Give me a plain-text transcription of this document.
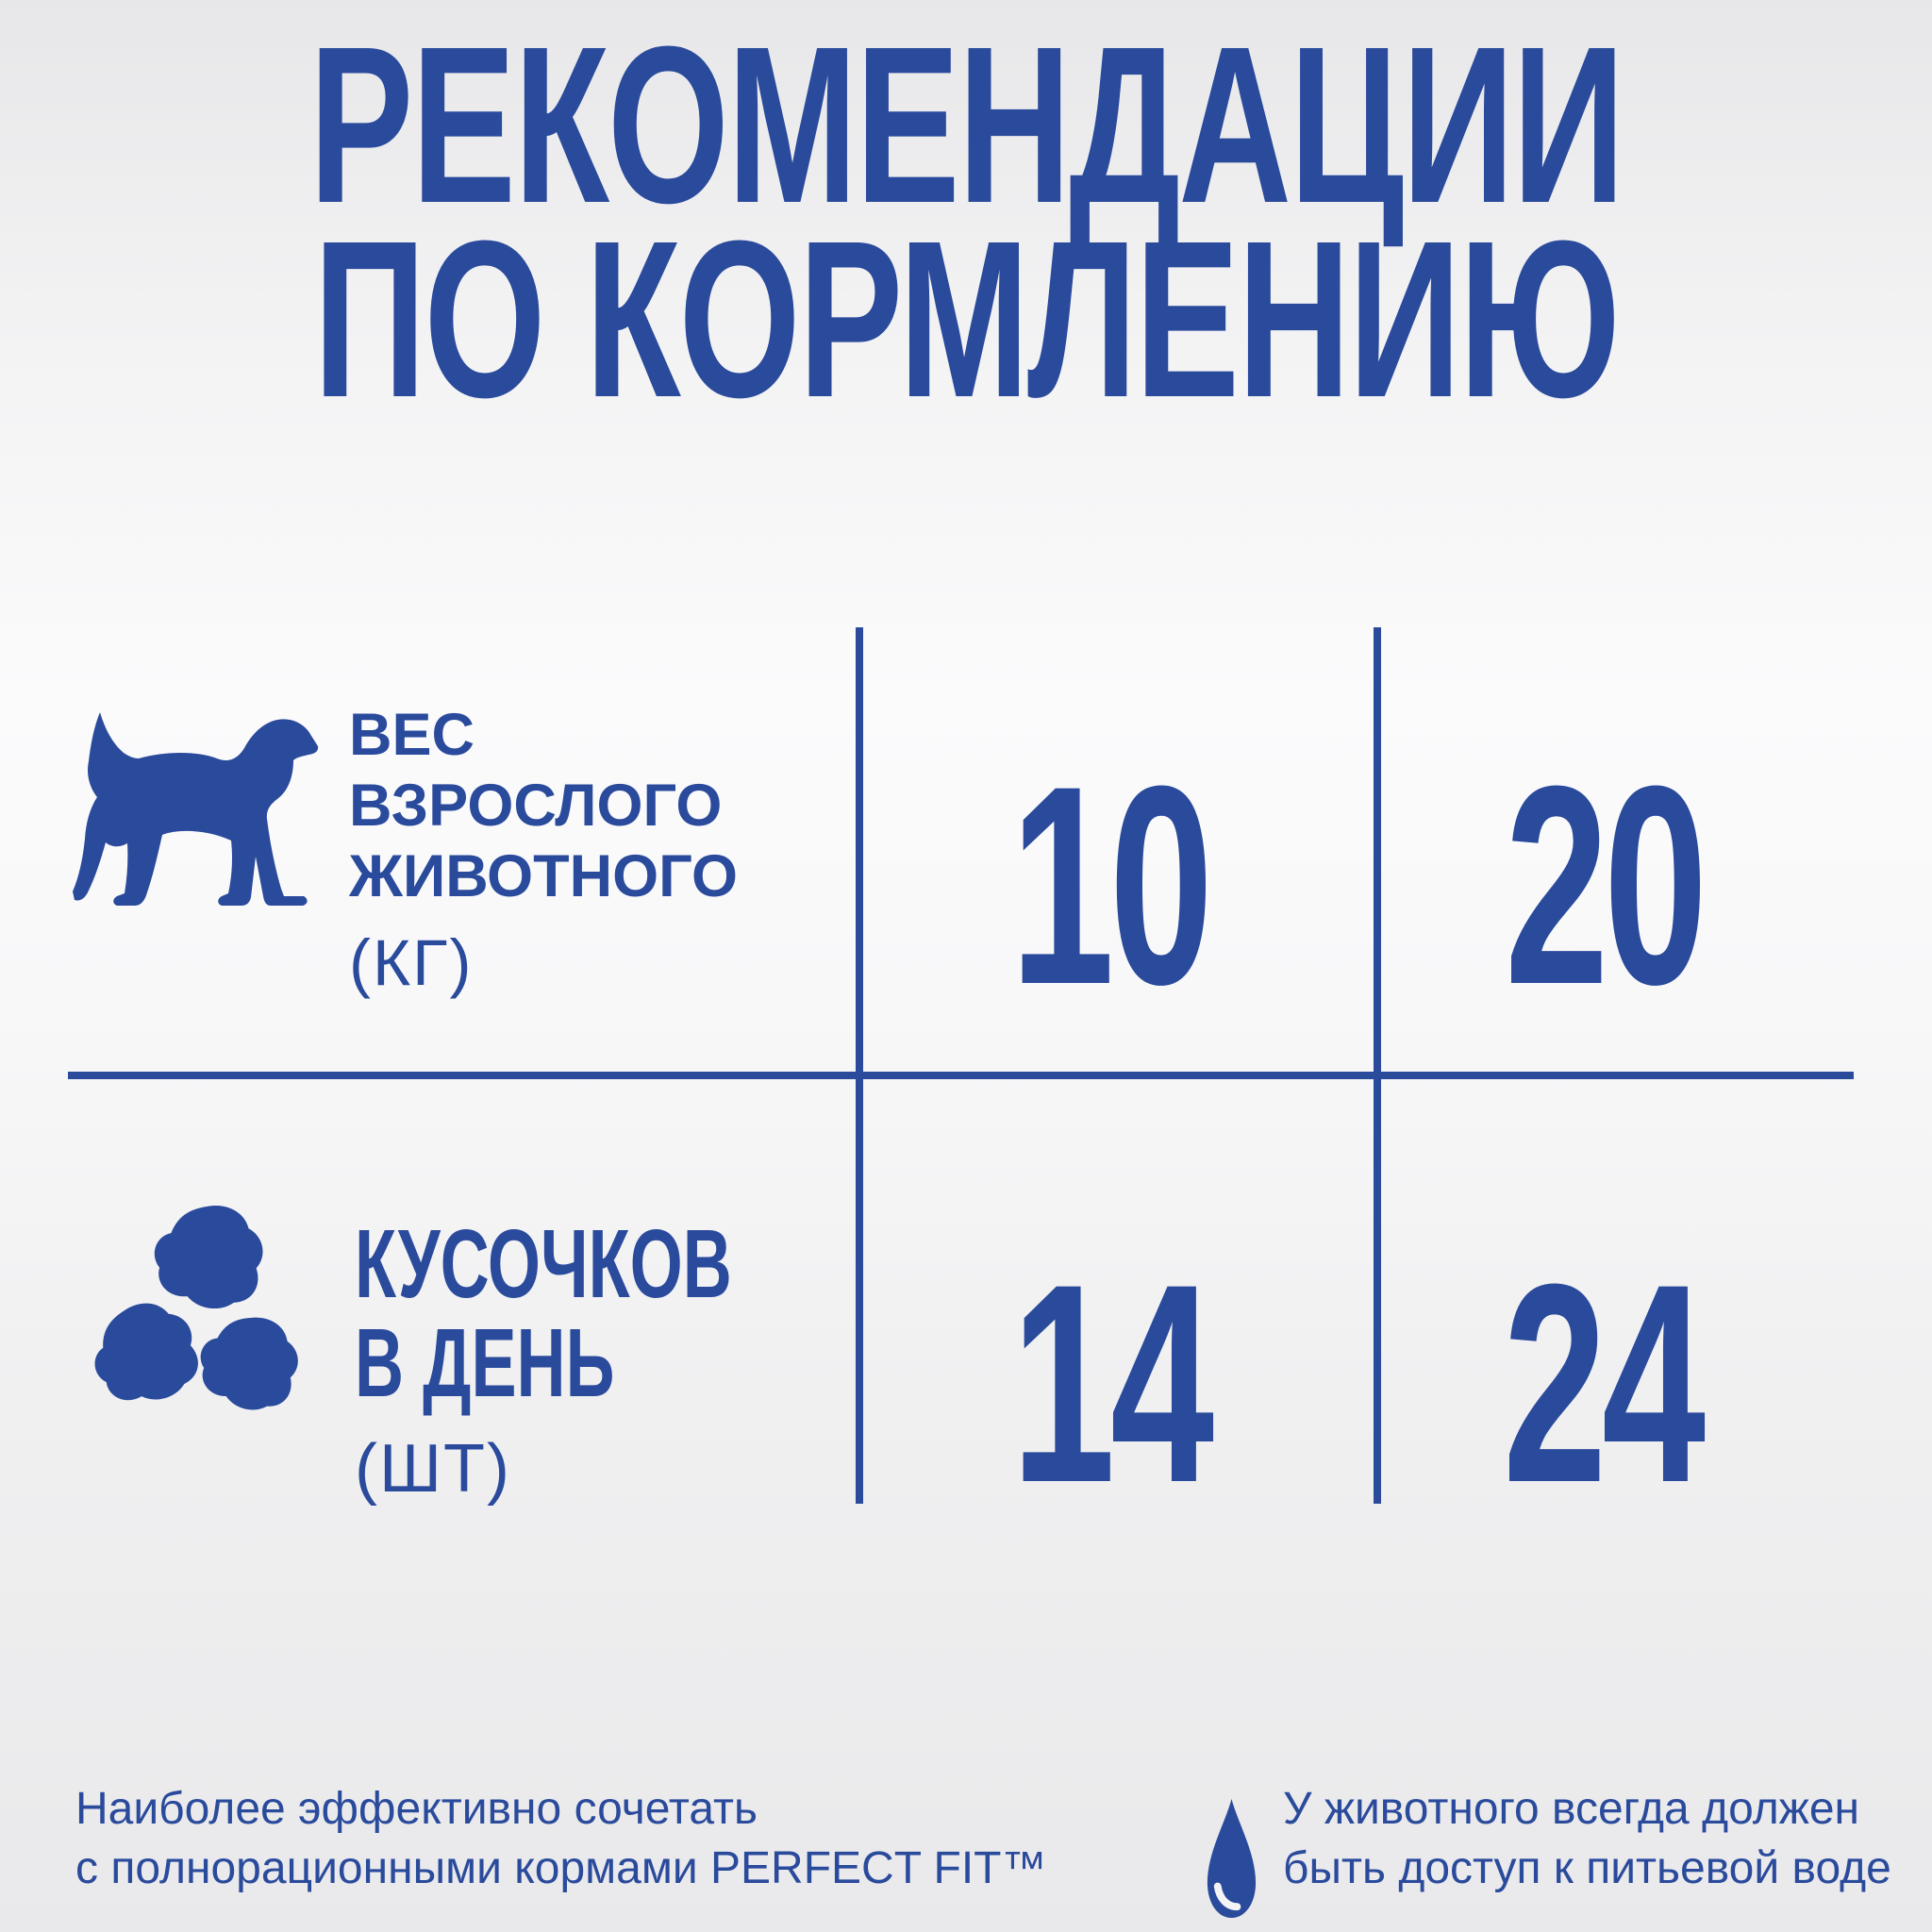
РЕКОМЕНДАЦИИ
ПО КОРМЛЕНИЮ
ВЕС
ВЗРОСЛОГО
ЖИВОТНОГО
(КГ)	10 20
КУСОЧКОВ
В ДЕНЬ
(ШТ)	14 24
Наиболее эффективно сочетать
с полнорационными кормами PERFECT FIT™
У животного всегда должен
быть доступ к питьевой воде
